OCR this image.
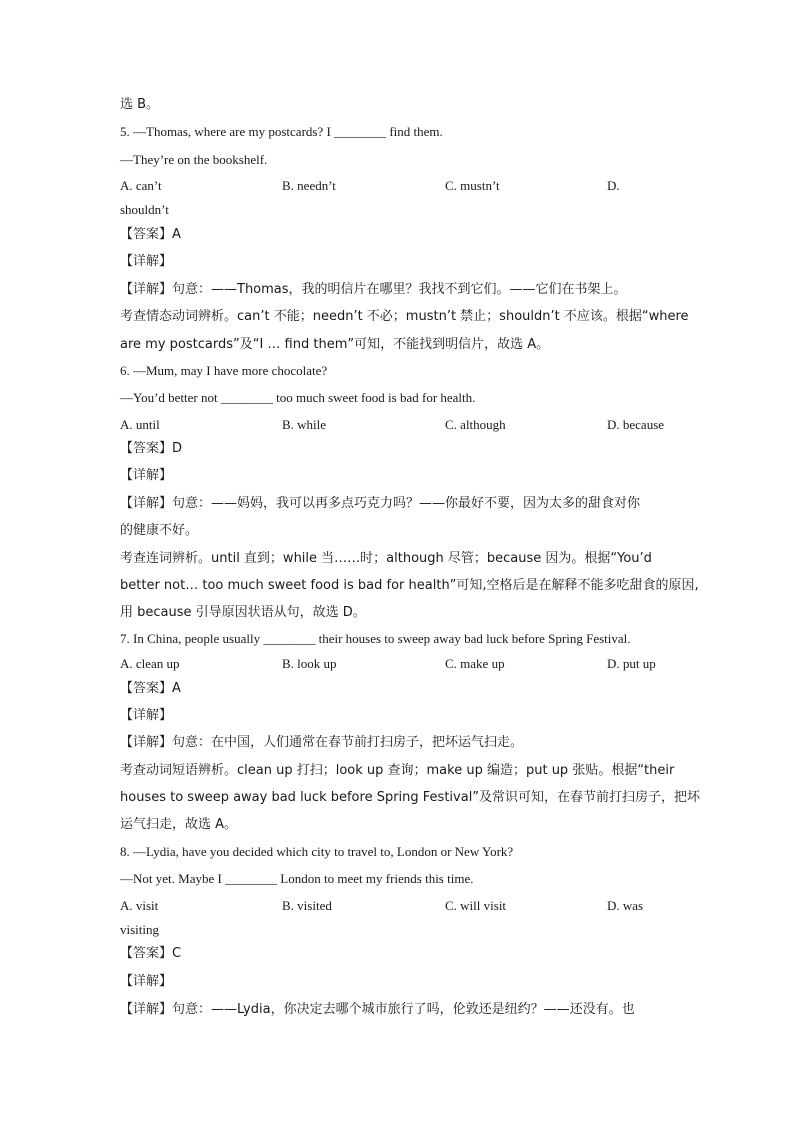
选 B。
5. —Thomas, where are my postcards? I ________ find them.
—They’re on the bookshelf.
A. can’t	B. needn’t	C. mustn’t	D.
shouldn’t
【答案】A
【详解】
【详解】句意：——Thomas，我的明信片在哪里？我找不到它们。——它们在书架上。
考查情态动词辨析。can’t 不能；needn’t 不必；mustn’t 禁止；shouldn’t 不应该。根据“where
are my postcards”及“I … find them”可知，不能找到明信片，故选 A。
6. —Mum, may I have more chocolate?
—You’d better not ________ too much sweet food is bad for health.
A. until	B. while	C. although	D. because
【答案】D
【详解】
【详解】句意：——妈妈，我可以再多点巧克力吗？——你最好不要，因为太多的甜食对你
的健康不好。
考查连词辨析。until 直到；while 当……时；although 尽管；because 因为。根据“You’d
better not… too much sweet food is bad for health”可知,空格后是在解释不能多吃甜食的原因,
用 because 引导原因状语从句，故选 D。
7. In China, people usually ________ their houses to sweep away bad luck before Spring Festival.
A. clean up	B. look up	C. make up	D. put up
【答案】A
【详解】
【详解】句意：在中国，人们通常在春节前打扫房子，把坏运气扫走。
考查动词短语辨析。clean up 打扫；look up 查询；make up 编造；put up 张贴。根据“their
houses to sweep away bad luck before Spring Festival”及常识可知，在春节前打扫房子，把坏
运气扫走，故选 A。
8. —Lydia, have you decided which city to travel to, London or New York?
—Not yet. Maybe I ________ London to meet my friends this time.
A. visit	B. visited	C. will visit	D. was
visiting
【答案】C
【详解】
【详解】句意：——Lydia，你决定去哪个城市旅行了吗，伦敦还是纽约？——还没有。也
